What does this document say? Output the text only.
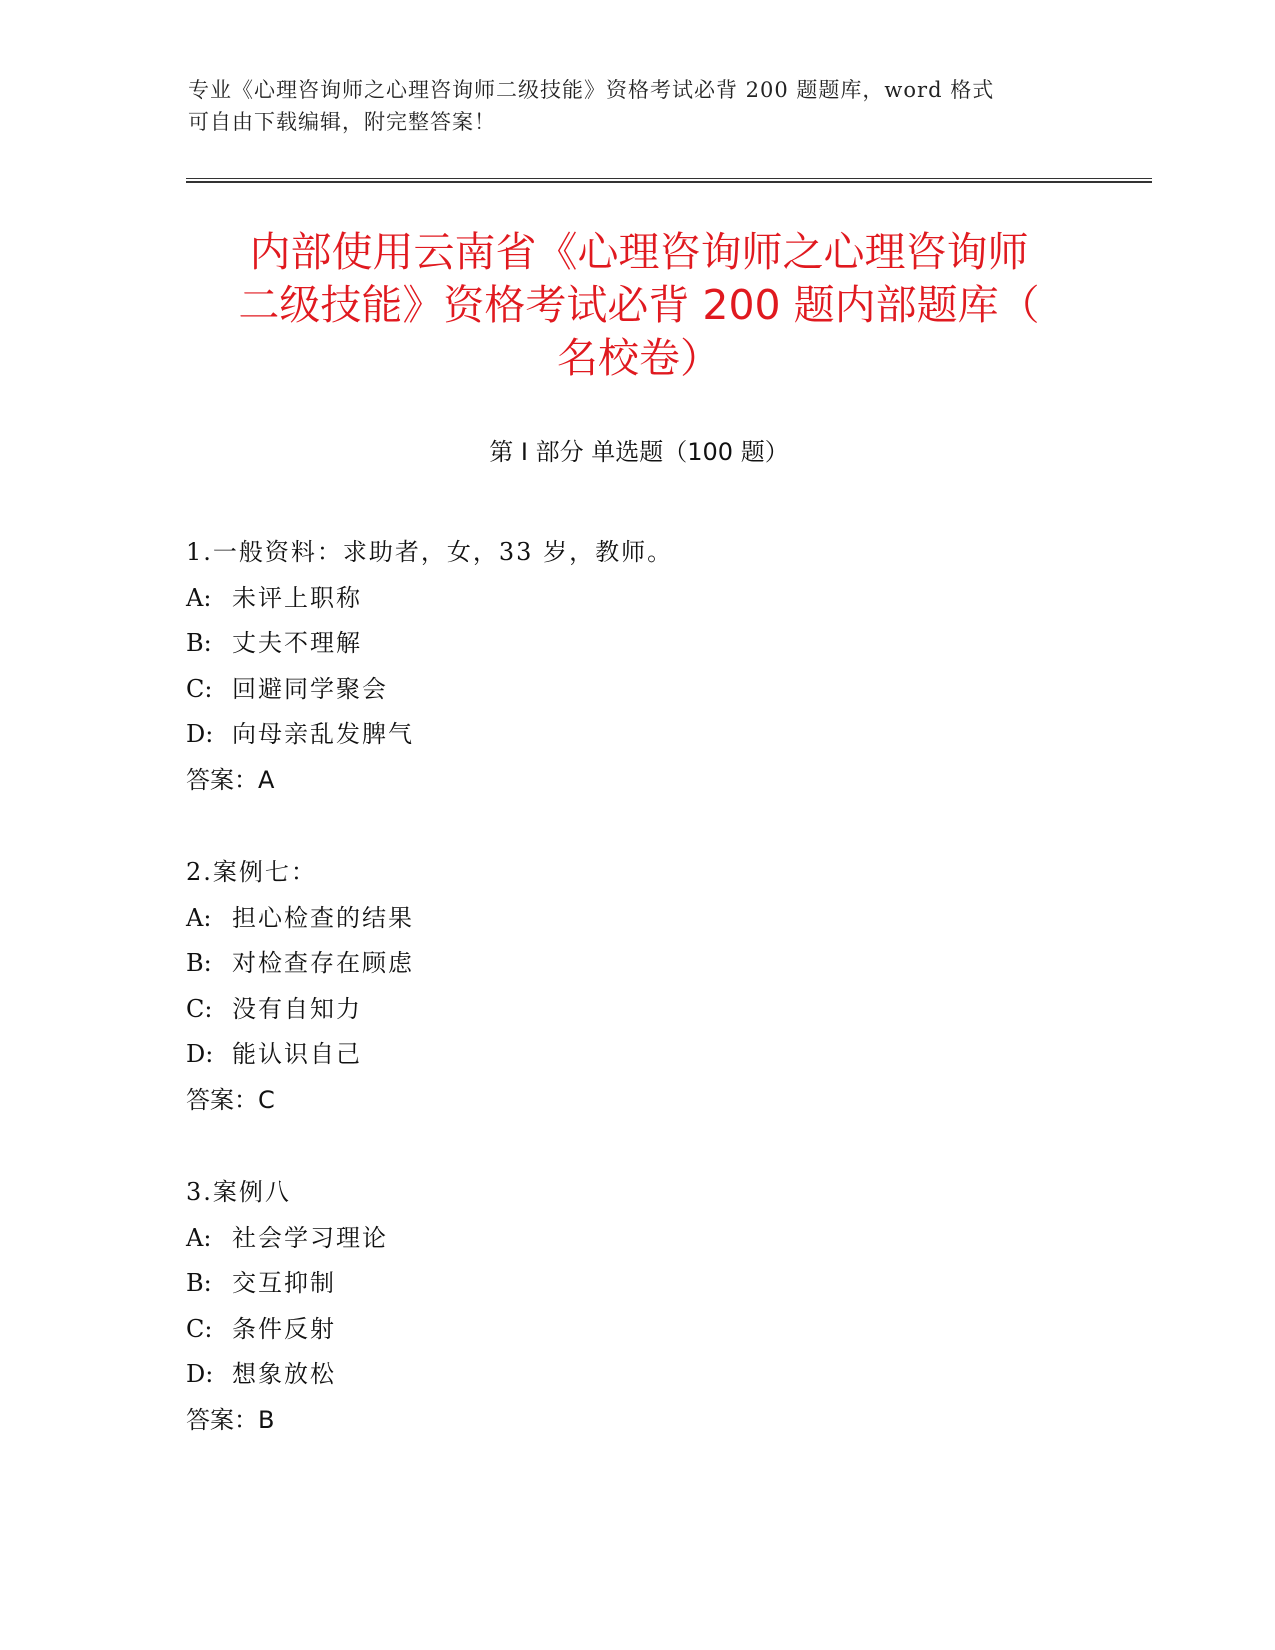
专业《心理咨询师之心理咨询师二级技能》资格考试必背 200 题题库，word 格式
可自由下载编辑，附完整答案！
内部使用云南省《心理咨询师之心理咨询师
二级技能》资格考试必背 200 题内部题库（
名校卷）
第 I 部分 单选题（100 题）
1.一般资料：求助者，女，33 岁，教师。
A: 未评上职称
B: 丈夫不理解
C: 回避同学聚会
D: 向母亲乱发脾气
答案：A
2.案例七：
A: 担心检查的结果
B: 对检查存在顾虑
C: 没有自知力
D: 能认识自己
答案：C
3.案例八
A: 社会学习理论
B: 交互抑制
C: 条件反射
D: 想象放松
答案：B
